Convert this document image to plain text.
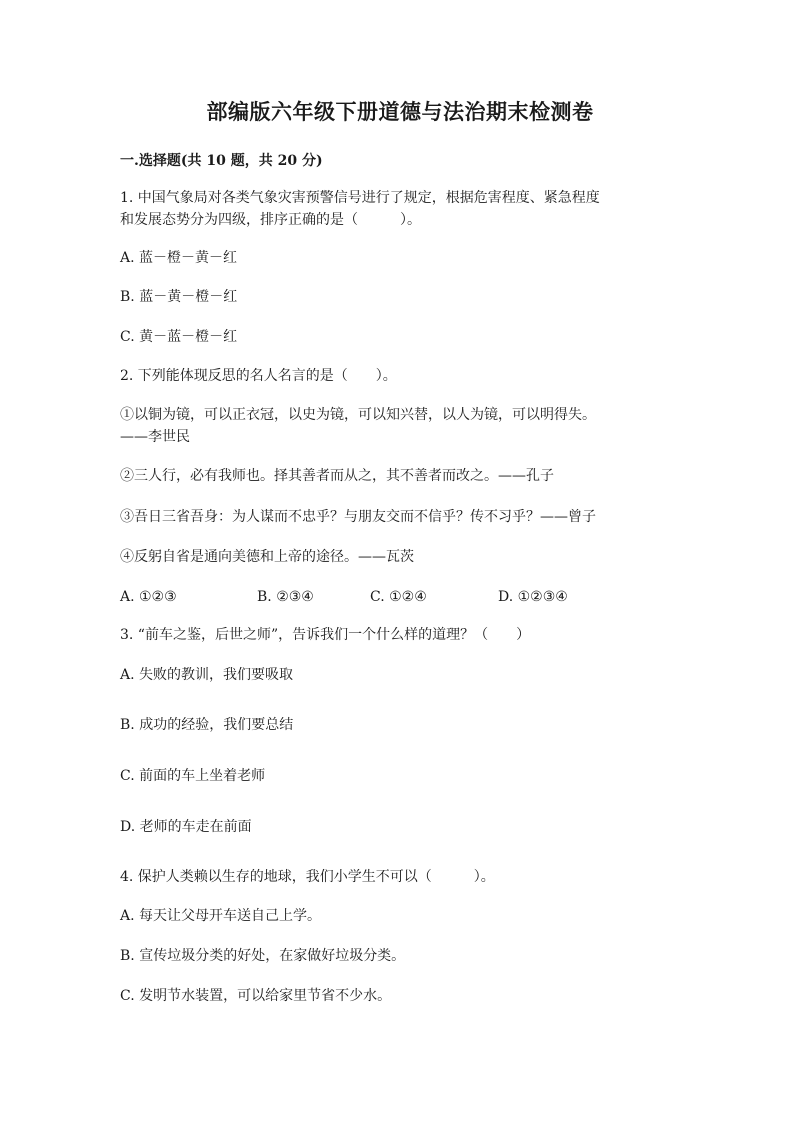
部编版六年级下册道德与法治期末检测卷

一.选择题(共 10 题，共 20 分)

1. 中国气象局对各类气象灾害预警信号进行了规定，根据危害程度、紧急程度

和发展态势分为四级，排序正确的是（　　　）。

A. 蓝－橙－黄－红

B. 蓝－黄－橙－红

C. 黄－蓝－橙－红

2. 下列能体现反思的名人名言的是（　　）。

①以铜为镜，可以正衣冠，以史为镜，可以知兴替，以人为镜，可以明得失。

——李世民

②三人行，必有我师也。择其善者而从之，其不善者而改之。——孔子

③吾日三省吾身：为人谋而不忠乎？与朋友交而不信乎？传不习乎？——曾子

④反躬自省是通向美德和上帝的途径。——瓦茨

A. ①②③	B. ②③④	C. ①②④	D. ①②③④

3. “前车之鉴，后世之师”，告诉我们一个什么样的道理？（　　）

A. 失败的教训，我们要吸取

B. 成功的经验，我们要总结

C. 前面的车上坐着老师

D. 老师的车走在前面

4. 保护人类赖以生存的地球，我们小学生不可以（　　　）。

A. 每天让父母开车送自己上学。

B. 宣传垃圾分类的好处，在家做好垃圾分类。

C. 发明节水装置，可以给家里节省不少水。
